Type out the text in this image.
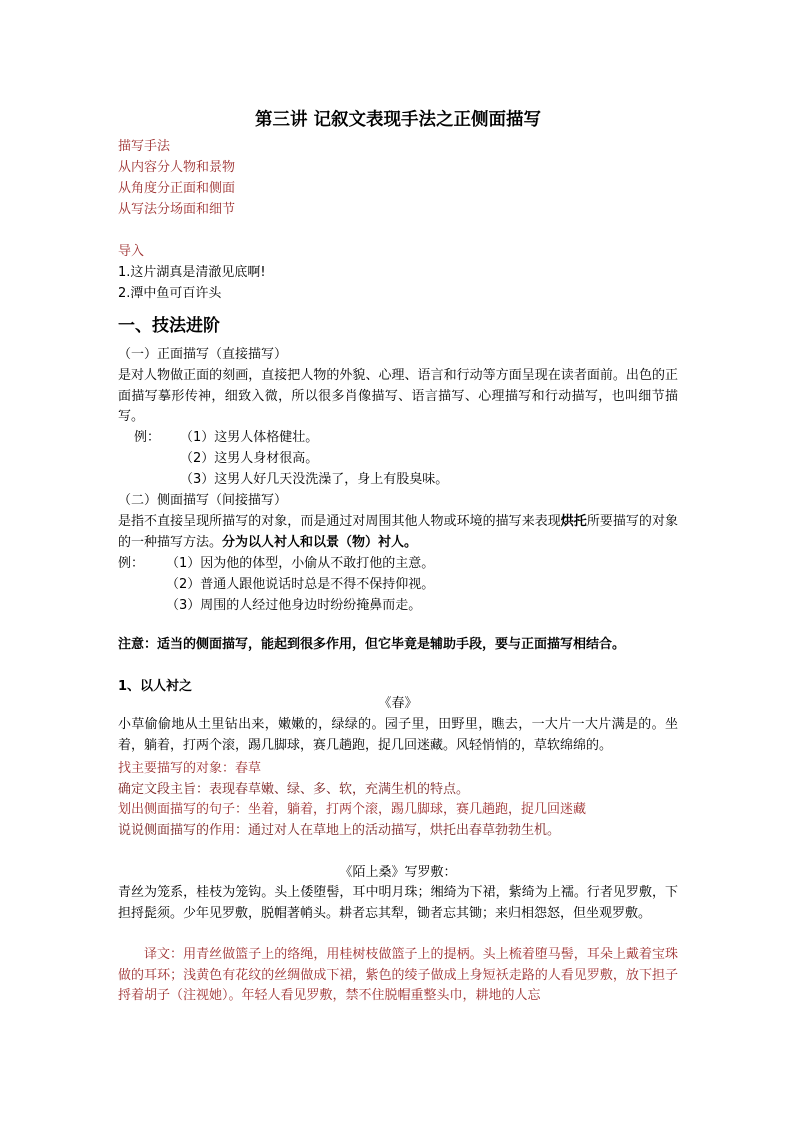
第三讲 记叙文表现手法之正侧面描写
描写手法
从内容分人物和景物
从角度分正面和侧面
从写法分场面和细节
导入
1.这片湖真是清澈见底啊!
2.潭中鱼可百许头
一、技法进阶
（一）正面描写（直接描写）
是对人物做正面的刻画，直接把人物的外貌、心理、语言和行动等方面呈现在读者面前。出色的正面描写摹形传神，细致入微，所以很多肖像描写、语言描写、心理描写和行动描写，也叫细节描写。
例： （1）这男人体格健壮。
（2）这男人身材很高。
（3）这男人好几天没洗澡了，身上有股臭味。
（二）侧面描写（间接描写）
是指不直接呈现所描写的对象，而是通过对周围其他人物或环境的描写来表现烘托所要描写的对象的一种描写方法。分为以人衬人和以景（物）衬人。
例： （1）因为他的体型，小偷从不敢打他的主意。
（2）普通人跟他说话时总是不得不保持仰视。
（3）周围的人经过他身边时纷纷掩鼻而走。
注意：适当的侧面描写，能起到很多作用，但它毕竟是辅助手段，要与正面描写相结合。
1、以人衬之
《春》
小草偷偷地从土里钻出来，嫩嫩的，绿绿的。园子里，田野里，瞧去，一大片一大片满是的。坐着，躺着，打两个滚，踢几脚球，赛几趟跑，捉几回迷藏。风轻悄悄的，草软绵绵的。
找主要描写的对象：春草
确定文段主旨：表现春草嫩、绿、多、软，充满生机的特点。
划出侧面描写的句子：坐着，躺着，打两个滚，踢几脚球，赛几趟跑，捉几回迷藏
说说侧面描写的作用：通过对人在草地上的活动描写，烘托出春草勃勃生机。
《陌上桑》写罗敷：
青丝为笼系，桂枝为笼钩。头上倭堕髻，耳中明月珠；缃绮为下裙，紫绮为上襦。行者见罗敷，下担捋髭须。少年见罗敷，脱帽著帩头。耕者忘其犁，锄者忘其锄；来归相怨怒，但坐观罗敷。
译文：用青丝做篮子上的络绳，用桂树枝做篮子上的提柄。头上梳着堕马髻，耳朵上戴着宝珠做的耳环；浅黄色有花纹的丝绸做成下裙，紫色的绫子做成上身短袄走路的人看见罗敷，放下担子捋着胡子（注视她）。年轻人看见罗敷，禁不住脱帽重整头巾，耕地的人忘
